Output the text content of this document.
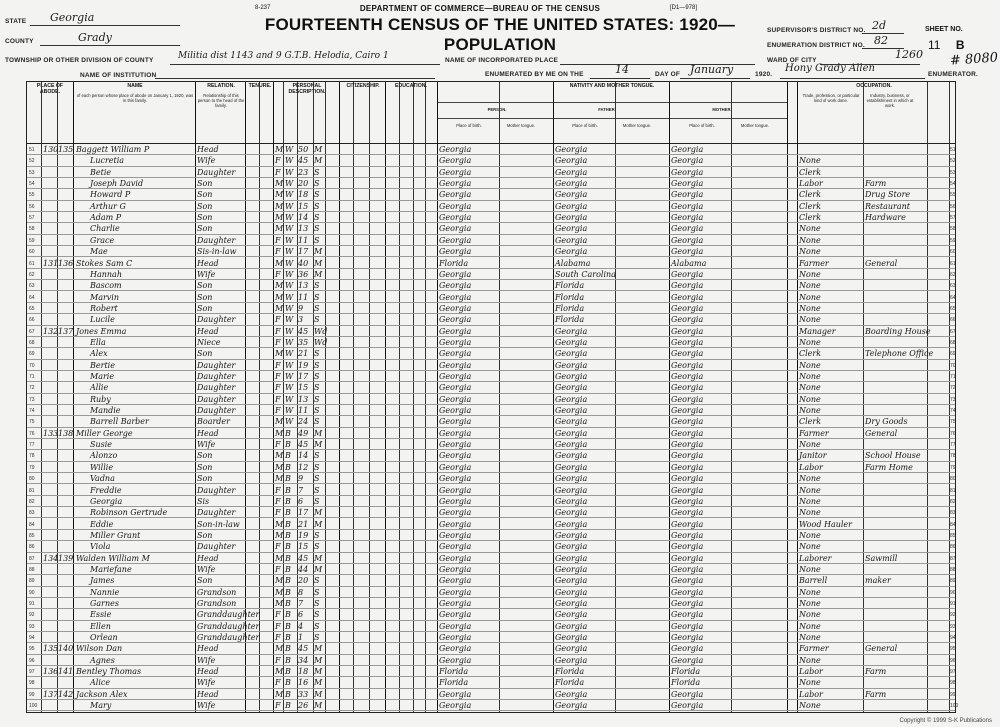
8-237	DEPARTMENT OF COMMERCE—BUREAU OF THE CENSUS	[D1—978]
FOURTEENTH CENSUS OF THE UNITED STATES: 1920—POPULATION
STATE Georgia
COUNTY	Grady
TOWNSHIP OR OTHER DIVISION OF COUNTY	Militia dist 1143 and 9 G.T.B. Helodia, Cairo 1	NAME OF INCORPORATED PLACE
NAME OF INSTITUTION	ENUMERATED BY ME ON THE	14	DAY OF January	1920.
Hony Grady Allen
ENUMERATOR.
SUPERVISOR'S DISTRICT NO. 2d
ENUMERATION DISTRICT NO. 82
WARD OF CITY	1260
SHEET NO.
11 B
# 8080
PLACE OF ABODE.
NAME
of each person whose place of abode on January 1, 1920, was in this family.
RELATION.
Relationship of this person to the head of the family.
TENURE.	PERSONAL DESCRIPTION.
CITIZENSHIP.	EDUCATION.	NATIVITY AND MOTHER TONGUE.
PERSON.	FATHER.	MOTHER.
Place of birth.	Mother tongue.	Place of birth.	Mother tongue.	Place of birth.	Mother tongue.
OCCUPATION.
Trade, profession, or particular kind of work done.
Industry, business, or establishment in which at work.
51	51
130 135 Baggett William P	Head	M W 50 M	Georgia	Georgia	Georgia
52	52
Lucretia	Wife	F W 45 M	Georgia	Georgia	Georgia	None
53	53
Betie	Daughter	F W 23 S	Georgia	Georgia	Georgia	Clerk
54	54
Joseph David	Son	M W 20 S	Georgia	Georgia	Georgia	Labor	Farm
55	55
Howard P	Son	M W 18 S	Georgia	Georgia	Georgia	Clerk	Drug Store
56	56
Arthur G	Son	M W 15 S	Georgia	Georgia	Georgia	Clerk	Restaurant
57	57
Adam P	Son	M W 14 S	Georgia	Georgia	Georgia	Clerk	Hardware
58	58
Charlie	Son	M W 13 S	Georgia	Georgia	Georgia	None
59	59
Grace	Daughter	F W 11 S	Georgia	Georgia	Georgia	None
60	60
Mae	Sis-in-law	F W 17 M	Georgia	Georgia	Georgia	None
61	61
131 136 Stokes Sam C	Head	M W 40 M	Florida	Alabama	Alabama	Farmer	General
62	62
Hannah	Wife	F W 36 M	Georgia	South Carolina	Georgia	None
63	63
Bascom	Son	M W 13 S	Georgia	Florida	Georgia	None
64	64
Marvin	Son	M W 11 S	Georgia	Florida	Georgia	None
65	65
Robert	Son	M W 9	S	Georgia	Florida	Georgia	None
66	66
Lucile	Daughter	F W 3	S	Georgia	Florida	Georgia	None
67	67
132 137 Jones Emma	Head	F W 45 Wd	Georgia	Georgia	Georgia	Manager	Boarding House
68	68
Ella	Niece	F W 35 Wd	Georgia	Georgia	Georgia	None
69	69
Alex	Son	M W 21 S	Georgia	Georgia	Georgia	Clerk	Telephone Office
70	70
Bertie	Daughter	F W 19 S	Georgia	Georgia	Georgia	None
71	71
Marie	Daughter	F W 17 S	Georgia	Georgia	Georgia	None
72	72
Allie	Daughter	F W 15 S	Georgia	Georgia	Georgia	None
73	73
Ruby	Daughter	F W 13 S	Georgia	Georgia	Georgia	None
74	74
Mandie	Daughter	F W 11 S	Georgia	Georgia	Georgia	None
75	75
Barrell Barber	Boarder	M W 24 S	Georgia	Georgia	Georgia	Clerk	Dry Goods
76	76
133 138 Miller George	Head	M B 49 M	Georgia	Georgia	Georgia	Farmer	General
77	77
Susie	Wife	F B 45 M	Georgia	Georgia	Georgia	None
78	78
Alonzo	Son	M B 14 S	Georgia	Georgia	Georgia	Janitor	School House
79	79
Willie	Son	M B 12 S	Georgia	Georgia	Georgia	Labor	Farm Home
80	80
Vadna	Son	M B 9	S	Georgia	Georgia	Georgia	None
81	81
Freddie	Daughter	F B 7	S	Georgia	Georgia	Georgia	None
82	82
Georgia	Sis	F B 6	S	Georgia	Georgia	Georgia	None
83	83
Robinson Gertrude	Daughter	F B 17 M	Georgia	Georgia	Georgia	None
84	84
Eddie	Son-in-law	M B 21 M	Georgia	Georgia	Georgia	Wood Hauler
85	85
Miller Grant	Son	M B 19 S	Georgia	Georgia	Georgia	None
86	86
Viola	Daughter	F B 15 S	Georgia	Georgia	Georgia	None
87	87
134 139 Walden William M	Head	M B 45 M	Georgia	Georgia	Georgia	Laborer	Sawmill
88	88
Mariefane	Wife	F B 44 M	Georgia	Georgia	Georgia	None
89	89
James	Son	M B 20 S	Georgia	Georgia	Georgia	Barrell	maker
90	90
Nannie	Grandson	M B 8	S	Georgia	Georgia	Georgia	None
91	91
Garnes	Grandson	M B 7	S	Georgia	Georgia	Georgia	None
92	92
Essie	Granddaughter F B 6	S	Georgia	Georgia	Georgia	None
93	93
Ellen	Granddaughter F B 4	S	Georgia	Georgia	Georgia	None
94	94
Orlean	Granddaughter F B 1	S	Georgia	Georgia	Georgia	None
95	95
135 140 Wilson Dan	Head	M B 45 M	Georgia	Georgia	Georgia	Farmer	General
96	96
Agnes	Wife	F B 34 M	Georgia	Georgia	Georgia	None
97	97
136 141 Bentley Thomas	Head	M B 18 M	Florida	Florida	Florida	Labor	Farm
98	98
Alice	Wife	F B 16 M	Florida	Florida	Florida	None
99	99
137 142 Jackson Alex	Head	M B 33 M	Georgia	Georgia	Georgia	Labor	Farm
100	100
Mary	Wife	F B 26 M	Georgia	Georgia	Georgia	None
Copyright © 1999 S-K Publications
